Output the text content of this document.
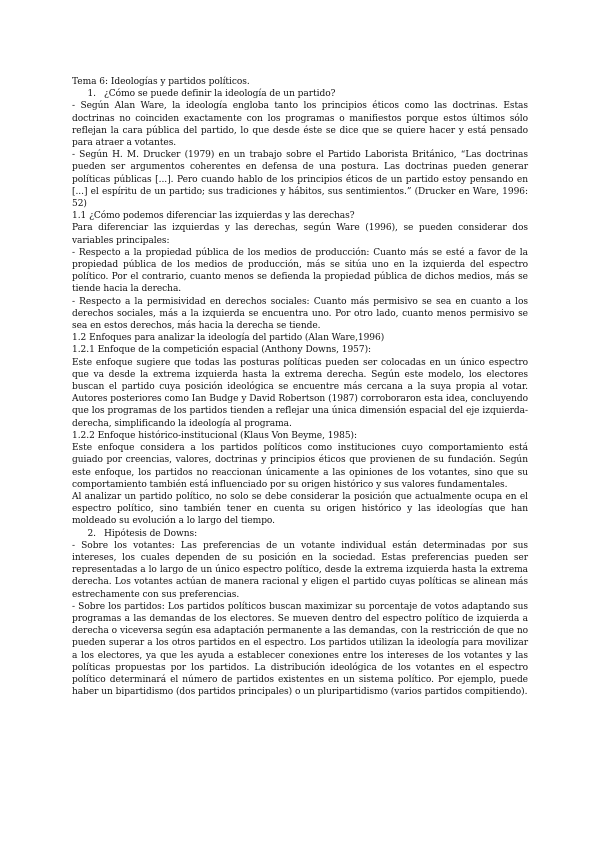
Tema 6: Ideologías y partidos políticos.

1. ¿Cómo se puede definir la ideología de un partido?

- Según Alan Ware, la ideología engloba tanto los principios éticos como las doctrinas. Estas doctrinas no coinciden exactamente con los programas o manifiestos porque estos últimos sólo reflejan la cara pública del partido, lo que desde éste se dice que se quiere hacer y está pensado para atraer a votantes.

- Según H. M. Drucker (1979) en un trabajo sobre el Partido Laborista Británico, “Las doctrinas pueden ser argumentos coherentes en defensa de una postura. Las doctrinas pueden generar políticas públicas [...]. Pero cuando hablo de los principios éticos de un partido estoy pensando en [...] el espíritu de un partido; sus tradiciones y hábitos, sus sentimientos.” (Drucker en Ware, 1996: 52)

1.1 ¿Cómo podemos diferenciar las izquierdas y las derechas?

Para diferenciar las izquierdas y las derechas, según Ware (1996), se pueden considerar dos variables principales:

- Respecto a la propiedad pública de los medios de producción: Cuanto más se esté a favor de la propiedad pública de los medios de producción, más se sitúa uno en la izquierda del espectro político. Por el contrario, cuanto menos se defienda la propiedad pública de dichos medios, más se tiende hacia la derecha.

- Respecto a la permisividad en derechos sociales: Cuanto más permisivo se sea en cuanto a los derechos sociales, más a la izquierda se encuentra uno. Por otro lado, cuanto menos permisivo se sea en estos derechos, más hacia la derecha se tiende.

1.2 Enfoques para analizar la ideología del partido (Alan Ware,1996)

1.2.1 Enfoque de la competición espacial (Anthony Downs, 1957):

Este enfoque sugiere que todas las posturas políticas pueden ser colocadas en un único espectro que va desde la extrema izquierda hasta la extrema derecha. Según este modelo, los electores buscan el partido cuya posición ideológica se encuentre más cercana a la suya propia al votar. Autores posteriores como Ian Budge y David Robertson (1987) corroboraron esta idea, concluyendo que los programas de los partidos tienden a reflejar una única dimensión espacial del eje izquierda-derecha, simplificando la ideología al programa.

1.2.2 Enfoque histórico-institucional (Klaus Von Beyme, 1985):

Este enfoque considera a los partidos políticos como instituciones cuyo comportamiento está guiado por creencias, valores, doctrinas y principios éticos que provienen de su fundación. Según este enfoque, los partidos no reaccionan únicamente a las opiniones de los votantes, sino que su comportamiento también está influenciado por su origen histórico y sus valores fundamentales.

Al analizar un partido político, no solo se debe considerar la posición que actualmente ocupa en el espectro político, sino también tener en cuenta su origen histórico y las ideologías que han moldeado su evolución a lo largo del tiempo.

2. Hipótesis de Downs:

- Sobre los votantes: Las preferencias de un votante individual están determinadas por sus intereses, los cuales dependen de su posición en la sociedad. Estas preferencias pueden ser representadas a lo largo de un único espectro político, desde la extrema izquierda hasta la extrema derecha. Los votantes actúan de manera racional y eligen el partido cuyas políticas se alinean más estrechamente con sus preferencias.

- Sobre los partidos: Los partidos políticos buscan maximizar su porcentaje de votos adaptando sus programas a las demandas de los electores. Se mueven dentro del espectro político de izquierda a derecha o viceversa según esa adaptación permanente a las demandas, con la restricción de que no pueden superar a los otros partidos en el espectro. Los partidos utilizan la ideología para movilizar a los electores, ya que les ayuda a establecer conexiones entre los intereses de los votantes y las políticas propuestas por los partidos. La distribución ideológica de los votantes en el espectro político determinará el número de partidos existentes en un sistema político. Por ejemplo, puede haber un bipartidismo (dos partidos principales) o un pluripartidismo (varios partidos compitiendo).
